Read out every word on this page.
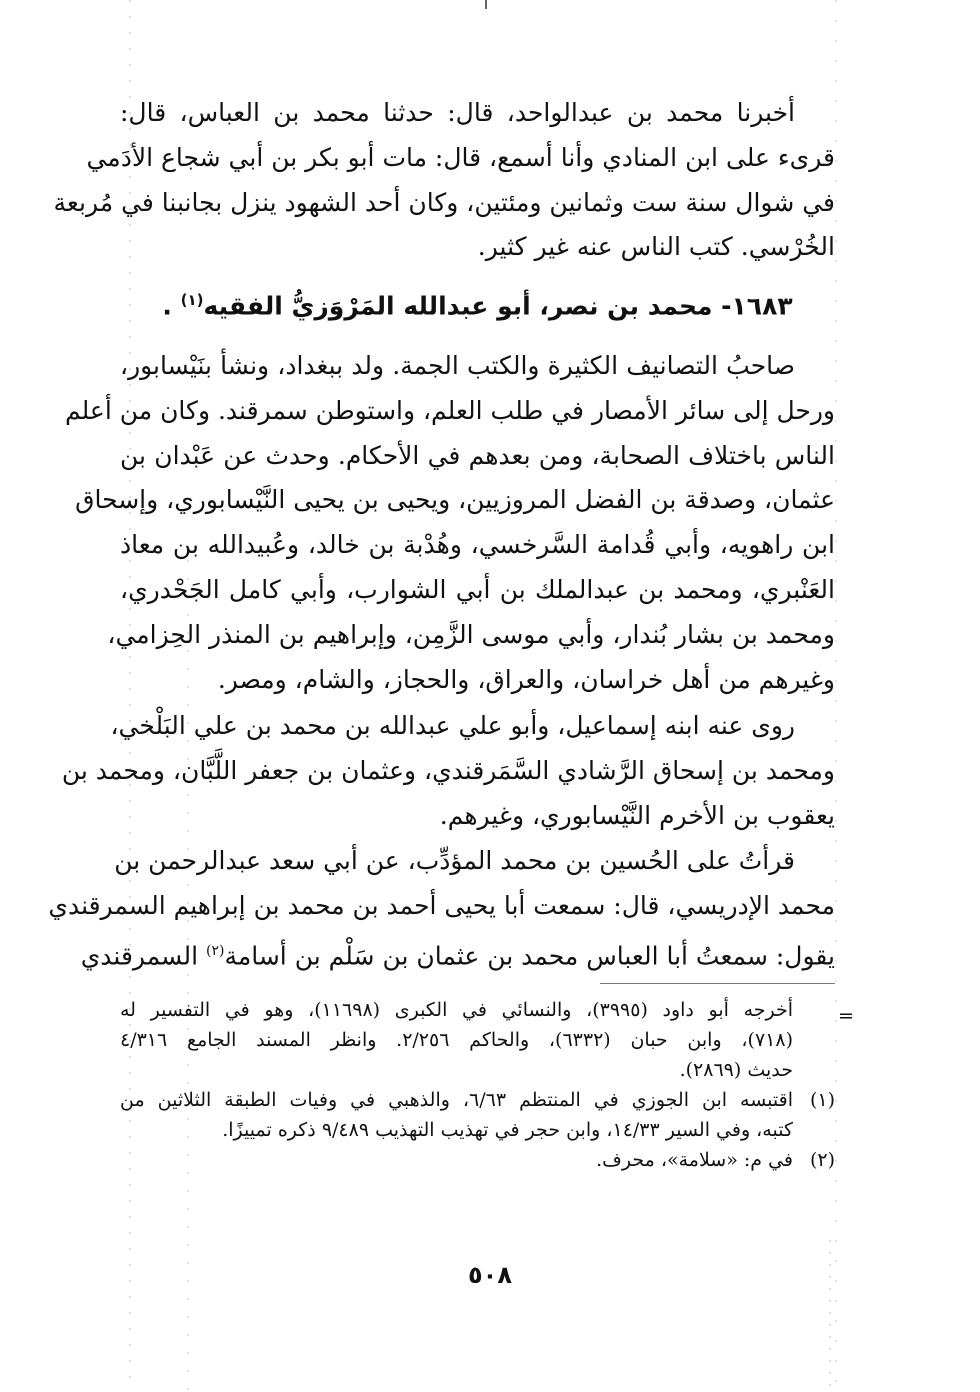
أخبرنا محمد بن عبدالواحد، قال: حدثنا محمد بن العباس، قال:
قرىء على ابن المنادي وأنا أسمع، قال: مات أبو بكر بن أبي شجاع الأدَمي
في شوال سنة ست وثمانين ومئتين، وكان أحد الشهود ينزل بجانبنا في مُربعة
الخُرْسي. كتب الناس عنه غير كثير.
١٦٨٣- محمد بن نصر، أبو عبدالله المَرْوَزيُّ الفقيه$^{(١)}$ .
صاحبُ التصانيف الكثيرة والكتب الجمة. ولد ببغداد، ونشأ بنَيْسابور،
ورحل إلى سائر الأمصار في طلب العلم، واستوطن سمرقند. وكان من أعلم
الناس باختلاف الصحابة، ومن بعدهم في الأحكام. وحدث عن عَبْدان بن
عثمان، وصدقة بن الفضل المروزيين، ويحيى بن يحيى النَّيْسابوري، وإسحاق
ابن راهويه، وأبي قُدامة السَّرخسي، وهُدْبة بن خالد، وعُبيدالله بن معاذ
العَنْبري، ومحمد بن عبدالملك بن أبي الشوارب، وأبي كامل الجَحْدري،
ومحمد بن بشار بُندار، وأبي موسى الزَّمِن، وإبراهيم بن المنذر الحِزامي،
وغيرهم من أهل خراسان، والعراق، والحجاز، والشام، ومصر.
روى عنه ابنه إسماعيل، وأبو علي عبدالله بن محمد بن علي البَلْخي،
ومحمد بن إسحاق الرَّشادي السَّمَرقندي، وعثمان بن جعفر اللَّبَّان، ومحمد بن
يعقوب بن الأخرم النَّيْسابوري، وغيرهم.
قرأتُ على الحُسين بن محمد المؤدِّب، عن أبي سعد عبدالرحمن بن
محمد الإدريسي، قال: سمعت أبا يحيى أحمد بن محمد بن إبراهيم السمرقندي
يقول: سمعتُ أبا العباس محمد بن عثمان بن سَلْم بن أسامة$^{(٢)}$ السمرقندي
=
أخرجه أبو داود (٣٩٩٥)، والنسائي في الكبرى (١١٦٩٨)، وهو في التفسير له
(٧١٨)، وابن حبان (٦٣٣٢)، والحاكم ٢/٢٥٦. وانظر المسند الجامع ٤/٣١٦
حديث (٢٨٦٩).
(١)اقتبسه ابن الجوزي في المنتظم ٦/٦٣، والذهبي في وفيات الطبقة الثلاثين من
كتبه، وفي السير ١٤/٣٣، وابن حجر في تهذيب التهذيب ٩/٤٨٩ ذكره تمييزًا.
(٢)في م: «سلامة»، محرف.
٥٠٨
